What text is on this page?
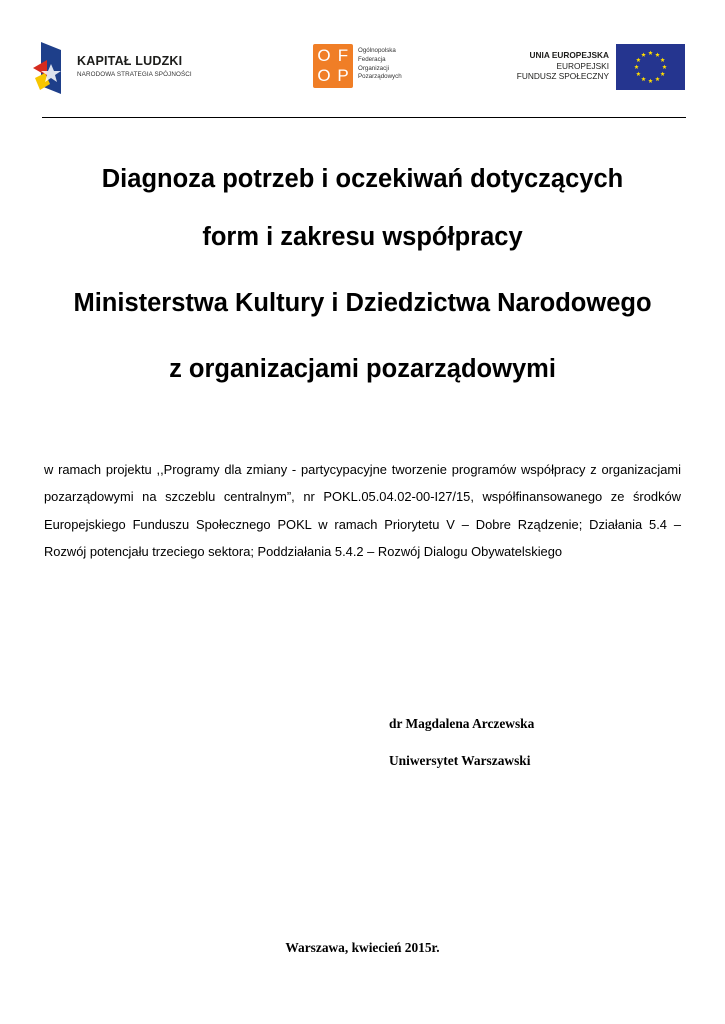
KAPITAŁ LUDZKI
NARODOWA STRATEGIA SPÓJNOŚCI
O F
O P
Ogólnopolska
Federacja
Organizacji
Pozarządowych
UNIA EUROPEJSKA
EUROPEJSKI
FUNDUSZ SPOŁECZNY
Diagnoza potrzeb i oczekiwań dotyczących
form i zakresu współpracy
Ministerstwa Kultury i Dziedzictwa Narodowego
z organizacjami pozarządowymi
w ramach projektu ,,Programy dla zmiany - partycypacyjne tworzenie programów współpracy z organizacjami pozarządowymi na szczeblu centralnym”, nr POKL.05.04.02-00-I27/15, współfinansowanego ze środków Europejskiego Funduszu Społecznego POKL w ramach Priorytetu V – Dobre Rządzenie; Działania 5.4 – Rozwój potencjału trzeciego sektora; Poddziałania 5.4.2 – Rozwój Dialogu Obywatelskiego
dr Magdalena Arczewska
Uniwersytet Warszawski
Warszawa, kwiecień 2015r.
